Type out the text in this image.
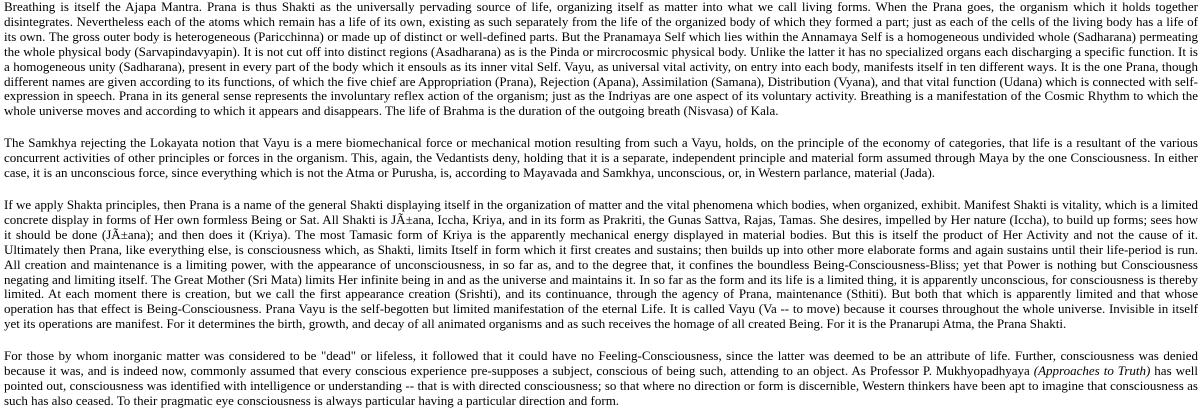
Breathing is itself the Ajapa Mantra. Prana is thus Shakti as the universally pervading source of life, organizing itself as matter into what we call living forms. When the Prana goes, the organism which it holds together disintegrates. Nevertheless each of the atoms which remain has a life of its own, existing as such separately from the life of the organized body of which they formed a part; just as each of the cells of the living body has a life of its own. The gross outer body is heterogeneous (Paricchinna) or made up of distinct or well-defined parts. But the Pranamaya Self which lies within the Annamaya Self is a homogeneous undivided whole (Sadharana) permeating the whole physical body (Sarvapindavyapin). It is not cut off into distinct regions (Asadharana) as is the Pinda or mircrocosmic physical body. Unlike the latter it has no specialized organs each discharging a specific function. It is a homogeneous unity (Sadharana), present in every part of the body which it ensouls as its inner vital Self. Vayu, as universal vital activity, on entry into each body, manifests itself in ten different ways. It is the one Prana, though different names are given according to its functions, of which the five chief are Appropriation (Prana), Rejection (Apana), Assimilation (Samana), Distribution (Vyana), and that vital function (Udana) which is connected with self-expression in speech. Prana in its general sense represents the involuntary reflex action of the organism; just as the Indriyas are one aspect of its voluntary activity. Breathing is a manifestation of the Cosmic Rhythm to which the whole universe moves and according to which it appears and disappears. The life of Brahma is the duration of the outgoing breath (Nisvasa) of Kala.

The Samkhya rejecting the Lokayata notion that Vayu is a mere biomechanical force or mechanical motion resulting from such a Vayu, holds, on the principle of the economy of categories, that life is a resultant of the various concurrent activities of other principles or forces in the organism. This, again, the Vedantists deny, holding that it is a separate, independent principle and material form assumed through Maya by the one Consciousness. In either case, it is an unconscious force, since everything which is not the Atma or Purusha, is, according to Mayavada and Samkhya, unconscious, or, in Western parlance, material (Jada).

If we apply Shakta principles, then Prana is a name of the general Shakti displaying itself in the organization of matter and the vital phenomena which bodies, when organized, exhibit. Manifest Shakti is vitality, which is a limited concrete display in forms of Her own formless Being or Sat. All Shakti is JÃ±ana, Iccha, Kriya, and in its form as Prakriti, the Gunas Sattva, Rajas, Tamas. She desires, impelled by Her nature (Iccha), to build up forms; sees how it should be done (JÃ±ana); and then does it (Kriya). The most Tamasic form of Kriya is the apparently mechanical energy displayed in material bodies. But this is itself the product of Her Activity and not the cause of it. Ultimately then Prana, like everything else, is consciousness which, as Shakti, limits Itself in form which it first creates and sustains; then builds up into other more elaborate forms and again sustains until their life-period is run. All creation and maintenance is a limiting power, with the appearance of unconsciousness, in so far as, and to the degree that, it confines the boundless Being-Consciousness-Bliss; yet that Power is nothing but Consciousness negating and limiting itself. The Great Mother (Sri Mata) limits Her infinite being in and as the universe and maintains it. In so far as the form and its life is a limited thing, it is apparently unconscious, for consciousness is thereby limited. At each moment there is creation, but we call the first appearance creation (Srishti), and its continuance, through the agency of Prana, maintenance (Sthiti). But both that which is apparently limited and that whose operation has that effect is Being-Consciousness. Prana Vayu is the self-begotten but limited manifestation of the eternal Life. It is called Vayu (Va -- to move) because it courses throughout the whole universe. Invisible in itself yet its operations are manifest. For it determines the birth, growth, and decay of all animated organisms and as such receives the homage of all created Being. For it is the Pranarupi Atma, the Prana Shakti.

For those by whom inorganic matter was considered to be "dead" or lifeless, it followed that it could have no Feeling-Consciousness, since the latter was deemed to be an attribute of life. Further, consciousness was denied because it was, and is indeed now, commonly assumed that every conscious experience pre-supposes a subject, conscious of being such, attending to an object. As Professor P. Mukhyopadhyaya (Approaches to Truth) has well pointed out, consciousness was identified with intelligence or understanding -- that is with directed consciousness; so that where no direction or form is discernible, Western thinkers have been apt to imagine that consciousness as such has also ceased. To their pragmatic eye consciousness is always particular having a particular direction and form.
